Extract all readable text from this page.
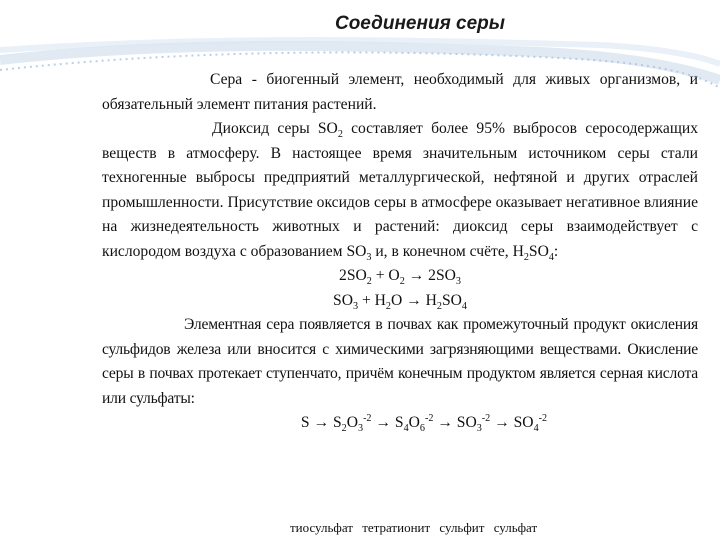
Соединения серы

Сера - биогенный элемент, необходимый для живых организмов, и обязательный элемент питания растений.

Диоксид серы $SO_2$ составляет более 95% выбросов серосодержащих веществ в атмосферу. В настоящее время значительным источником серы стали техногенные выбросы предприятий металлургической, нефтяной и других отраслей промышленности. Присутствие оксидов серы в атмосфере оказывает негативное влияние на жизнедеятельность животных и растений: диоксид серы взаимодействует с кислородом воздуха с образованием $SO_3$ и, в конечном счёте, $H_2SO_4$:

$2SO_2 + O_2 \to 2SO_3$

$SO_3 + H_2O \to H_2SO_4$

Элементная сера появляется в почвах как промежуточный продукт окисления сульфидов железа или вносится с химическими загрязняющими веществами. Окисление серы в почвах протекает ступенчато, причём конечным продуктом является серная кислота или сульфаты:

$S \to S_2O_3^{-2} \to S_4O_6^{-2} \to SO_3^{-2} \to SO_4^{-2}$

тиосульфат тетратионит сульфит сульфат
